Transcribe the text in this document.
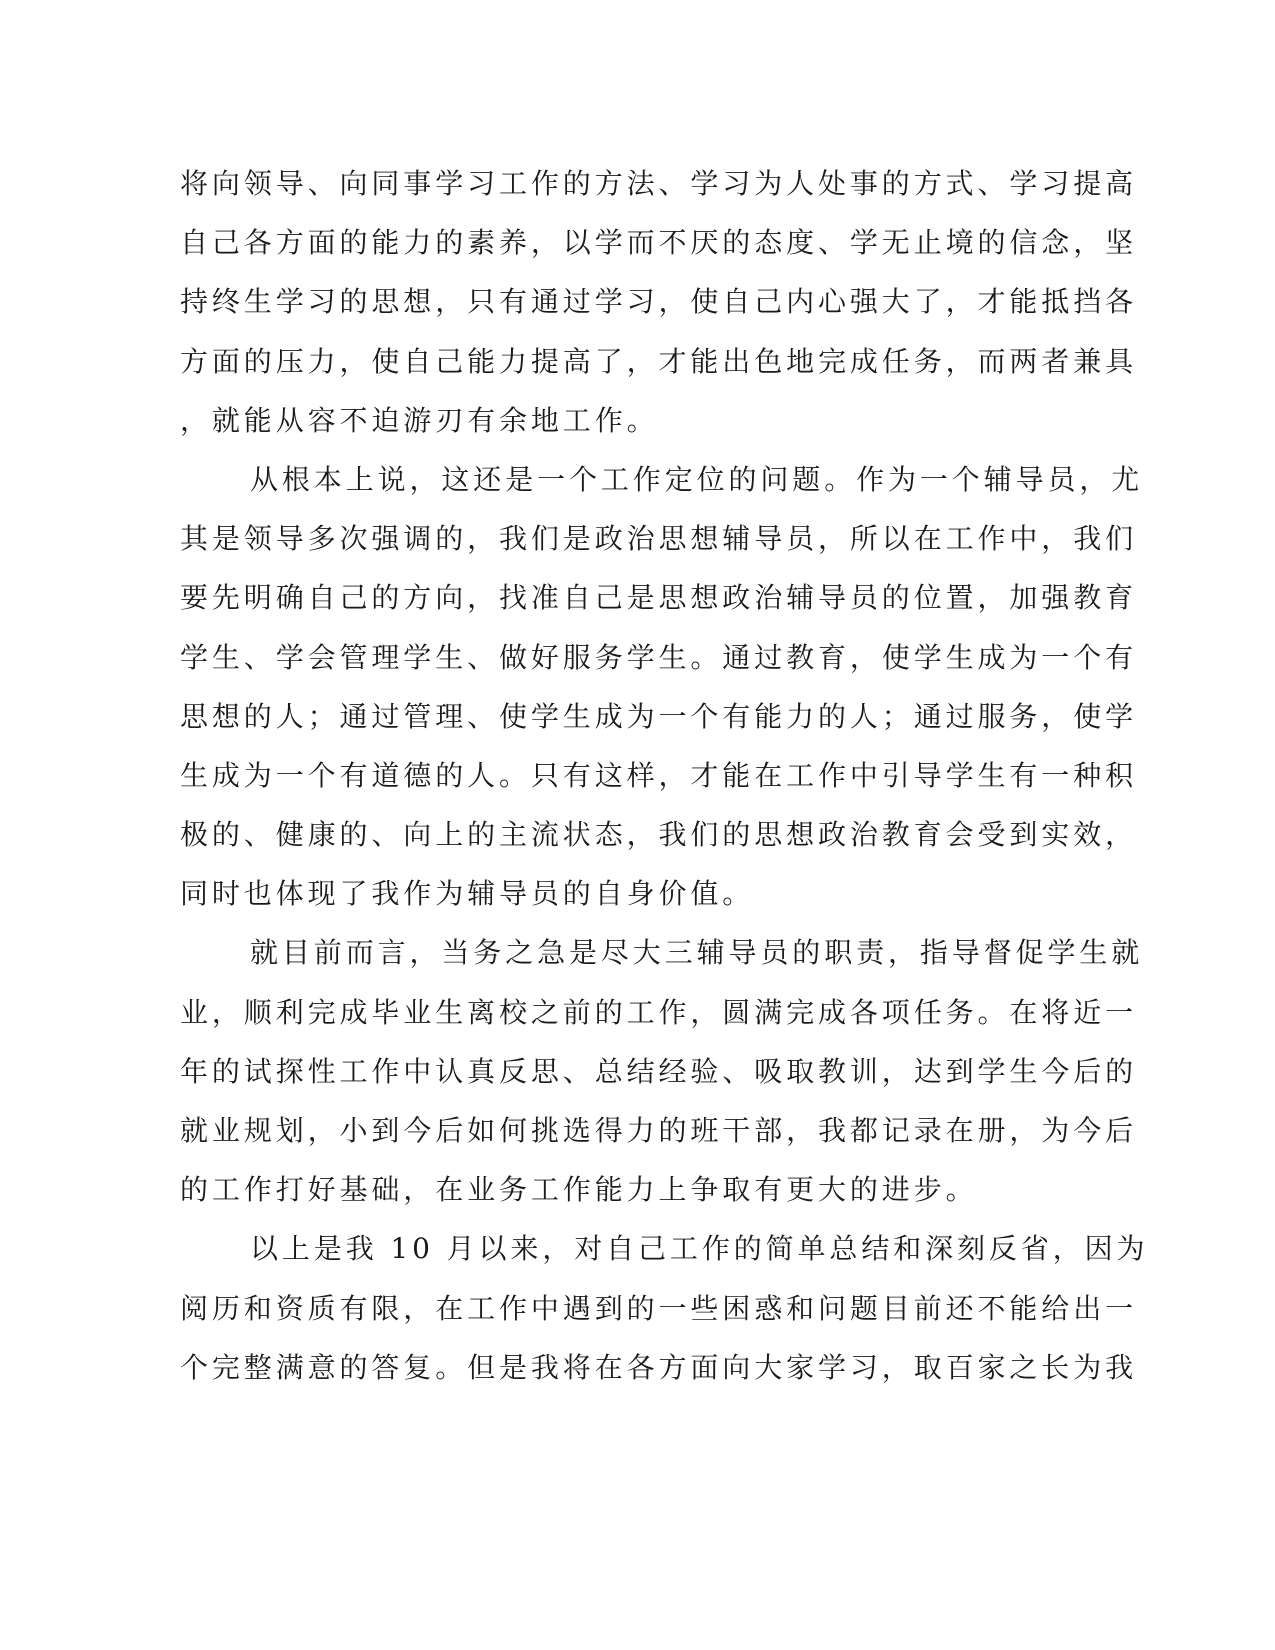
将向领导、向同事学习工作的方法、学习为人处事的方式、学习提高
自己各方面的能力的素养，以学而不厌的态度、学无止境的信念，坚
持终生学习的思想，只有通过学习，使自己内心强大了，才能抵挡各
方面的压力，使自己能力提高了，才能出色地完成任务，而两者兼具
，就能从容不迫游刃有余地工作。
从根本上说，这还是一个工作定位的问题。作为一个辅导员，尤
其是领导多次强调的，我们是政治思想辅导员，所以在工作中，我们
要先明确自己的方向，找准自己是思想政治辅导员的位置，加强教育
学生、学会管理学生、做好服务学生。通过教育，使学生成为一个有
思想的人；通过管理、使学生成为一个有能力的人；通过服务，使学
生成为一个有道德的人。只有这样，才能在工作中引导学生有一种积
极的、健康的、向上的主流状态，我们的思想政治教育会受到实效，
同时也体现了我作为辅导员的自身价值。
就目前而言，当务之急是尽大三辅导员的职责，指导督促学生就
业，顺利完成毕业生离校之前的工作，圆满完成各项任务。在将近一
年的试探性工作中认真反思、总结经验、吸取教训，达到学生今后的
就业规划，小到今后如何挑选得力的班干部，我都记录在册，为今后
的工作打好基础，在业务工作能力上争取有更大的进步。
以上是我 10 月以来，对自己工作的简单总结和深刻反省，因为
阅历和资质有限，在工作中遇到的一些困惑和问题目前还不能给出一
个完整满意的答复。但是我将在各方面向大家学习，取百家之长为我
